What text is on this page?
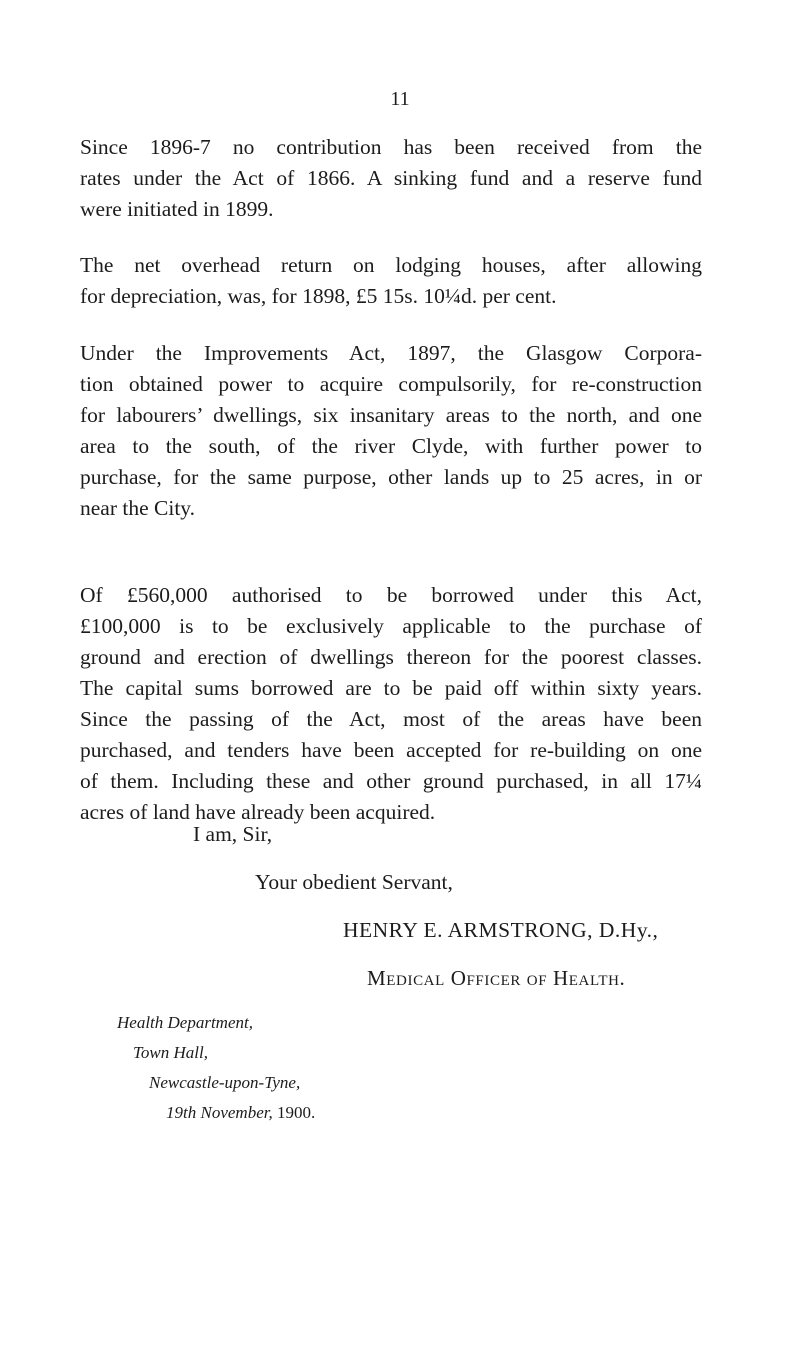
11

Since 1896-7 no contribution has been received from the
rates under the Act of 1866. A sinking fund and a reserve fund
were initiated in 1899.

The net overhead return on lodging houses, after allowing
for depreciation, was, for 1898, £5 15s. 10¼d. per cent.

Under the Improvements Act, 1897, the Glasgow Corpora-
tion obtained power to acquire compulsorily, for re-construction
for labourers’ dwellings, six insanitary areas to the north, and one
area to the south, of the river Clyde, with further power to
purchase, for the same purpose, other lands up to 25 acres, in or
near the City.

Of £560,000 authorised to be borrowed under this Act,
£100,000 is to be exclusively applicable to the purchase of
ground and erection of dwellings thereon for the poorest classes.
The capital sums borrowed are to be paid off within sixty years.
Since the passing of the Act, most of the areas have been
purchased, and tenders have been accepted for re-building on one
of them. Including these and other ground purchased, in all 17¼
acres of land have already been acquired.

I am, Sir,
Your obedient Servant,
HENRY E. ARMSTRONG, D.Hy.,
Medical Officer of Health.
Health Department,
Town Hall,
Newcastle-upon-Tyne,
19th November, 1900.
